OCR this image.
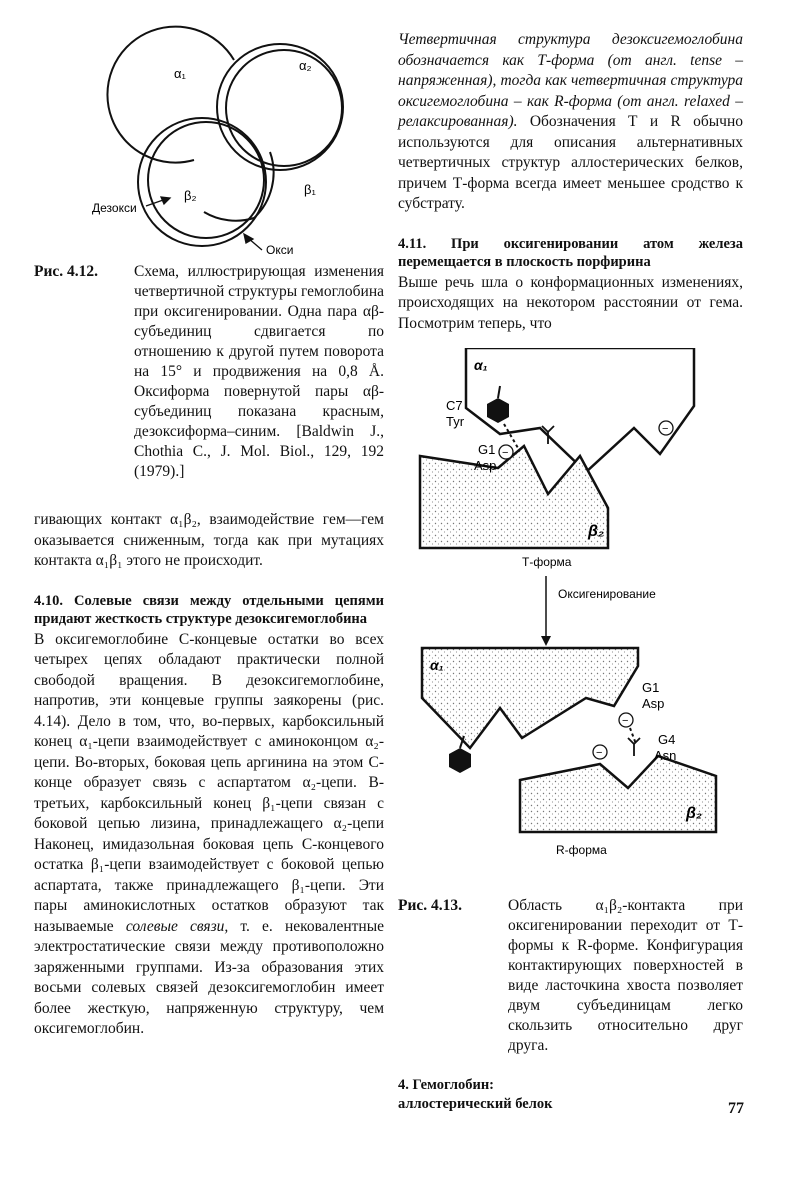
α₁
α₂
β₂	β₁
Дезокси
Окси
Рис. 4.12.	Схема, иллюстрирующая изменения четвертичной структуры гемоглобина при оксигенировании. Одна пара αβ-субъединиц сдвигается по отношению к другой путем поворота на 15° и продвижения на 0,8 Å. Оксиформа повернутой пары αβ-субъединиц показана красным, дезоксиформа–синим. [Baldwin J., Chothia C., J. Mol. Biol., 129, 192 (1979).]

гивающих контакт α₁β₂, взаимодействие гем—гем оказывается сниженным, тогда как при мутациях контакта α₁β₁ этого не происходит.

4.10. Солевые связи между отдельными цепями придают жесткость структуре дезоксигемоглобина

В оксигемоглобине С-концевые остатки во всех четырех цепях обладают практически полной свободой вращения. В дезоксигемоглобине, напротив, эти концевые группы заякорены (рис. 4.14). Дело в том, что, во-первых, карбоксильный конец α₁-цепи взаимодействует с аминоконцом α₂-цепи. Во-вторых, боковая цепь аргинина на этом С-конце образует связь с аспартатом α₂-цепи. В-третьих, карбоксильный конец β₁-цепи связан с боковой цепью лизина, принадлежащего α₂-цепи Наконец, имидазольная боковая цепь С-концевого остатка β₁-цепи взаимодействует с боковой цепью аспартата, также принадлежащего β₁-цепи. Эти пары аминокислотных остатков образуют так называемые солевые связи, т. е. нековалентные электростатические связи между противоположно заряженными группами. Из-за образования этих восьми солевых связей дезоксигемоглобин имеет более жесткую, напряженную структуру, чем оксигемоглобин.

Четвертичная структура дезоксигемоглобина обозначается как Т-форма (от англ. tense – напряженная), тогда как четвертичная структура оксигемоглобина – как R-форма (от англ. relaxed – релаксированная). Обозначения Т и R обычно используются для описания альтернативных четвертичных структур аллостерических белков, причем Т-форма всегда имеет меньшее сродство к субстрату.

4.11. При оксигенировании атом железа перемещается в плоскость порфирина

Выше речь шла о конформационных изменениях, происходящих на некотором расстоянии от гема. Посмотрим теперь, что

α₁
β₂
C7
Tyr
−
G1
Asp
−
Т-форма
Оксигенирование
α₁
−
G1
Asp
β₂
G4
Asn
−
R-форма
Рис. 4.13.	Область α₁β₂-контакта при оксигенировании переходит от Т-формы к R-форме. Конфигурация контактирующих поверхностей в виде ласточкина хвоста позволяет двум субъединицам легко скользить относительно друг друга.
4. Гемоглобин:
аллостерический белок	77
